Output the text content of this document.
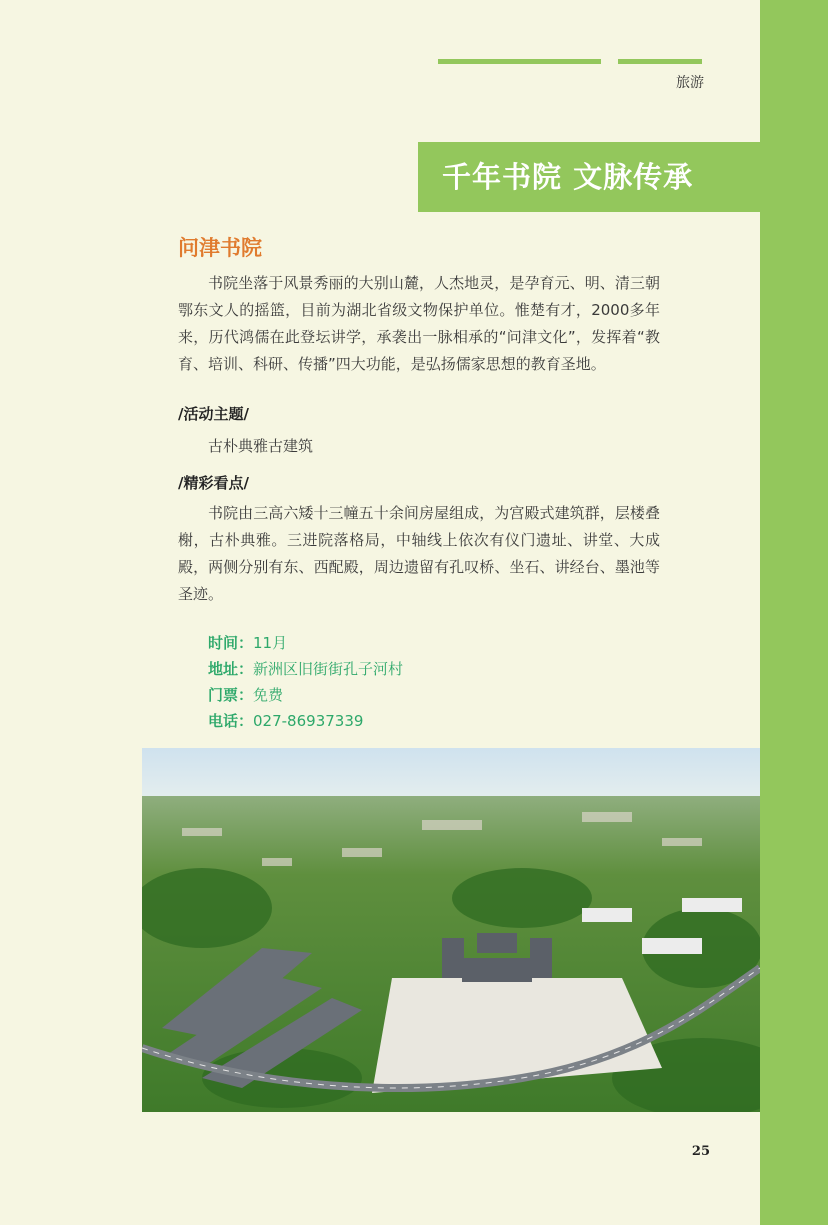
旅游
千年书院 文脉传承
问津书院

书院坐落于风景秀丽的大别山麓，人杰地灵，是孕育元、明、清三朝鄂东文人的摇篮，目前为湖北省级文物保护单位。惟楚有才，2000多年来，历代鸿儒在此登坛讲学，承袭出一脉相承的“问津文化”，发挥着“教育、培训、科研、传播”四大功能，是弘扬儒家思想的教育圣地。

/活动主题/
古朴典雅古建筑
/精彩看点/

书院由三高六矮十三幢五十余间房屋组成，为宫殿式建筑群，层楼叠榭，古朴典雅。三进院落格局，中轴线上依次有仪门遗址、讲堂、大成殿，两侧分别有东、西配殿，周边遗留有孔叹桥、坐石、讲经台、墨池等圣迹。

时间：11月
地址：新洲区旧街街孔子河村
门票：免费
电话：027-86937339
25
